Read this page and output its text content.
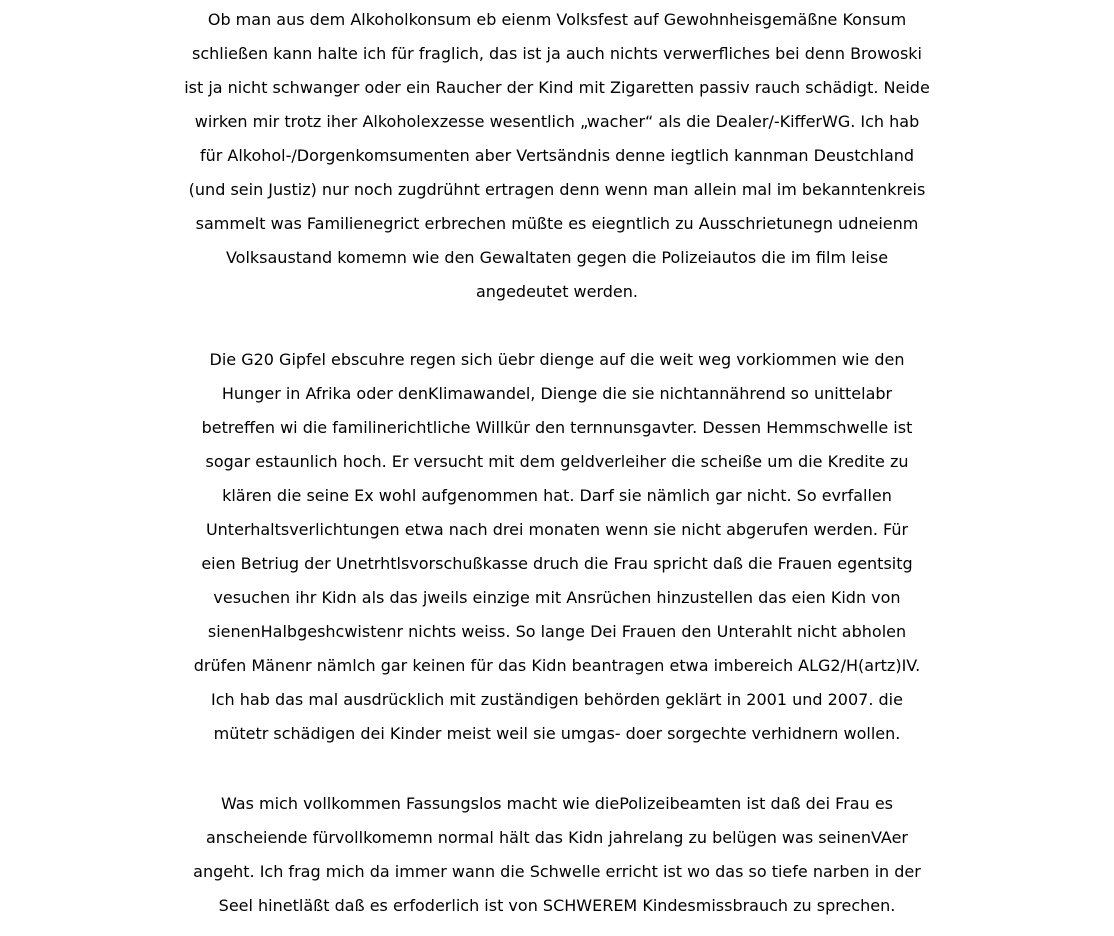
Ob man aus dem Alkoholkonsum eb eienm Volksfest auf Gewohnheisgemäßne Konsum
schließen kann halte ich für fraglich, das ist ja auch nichts verwerfliches bei denn Browoski
ist ja nicht schwanger oder ein Raucher der Kind mit Zigaretten passiv rauch schädigt. Neide
wirken mir trotz iher Alkoholexzesse wesentlich „wacher“ als die Dealer/-KifferWG. Ich hab
für Alkohol-/Dorgenkomsumenten aber Vertsändnis denne iegtlich kannman Deustchland
(und sein Justiz) nur noch zugdrühnt ertragen denn wenn man allein mal im bekanntenkreis
sammelt was Familienegrict erbrechen müßte es eiegntlich zu Ausschrietunegn udneienm
Volksaustand komemn wie den Gewaltaten gegen die Polizeiautos die im film leise
angedeutet werden.

Die G20 Gipfel ebscuhre regen sich üebr dienge auf die weit weg vorkiommen wie den
Hunger in Afrika oder denKlimawandel, Dienge die sie nichtannährend so unittelabr
betreffen wi die familinerichtliche Willkür den ternnunsgavter. Dessen Hemmschwelle ist
sogar estaunlich hoch. Er versucht mit dem geldverleiher die scheiße um die Kredite zu
klären die seine Ex wohl aufgenommen hat. Darf sie nämlich gar nicht. So evrfallen
Unterhaltsverlichtungen etwa nach drei monaten wenn sie nicht abgerufen werden. Für
eien Betriug der Unetrhtlsvorschußkasse druch die Frau spricht daß die Frauen egentsitg
vesuchen ihr Kidn als das jweils einzige mit Ansrüchen hinzustellen das eien Kidn von
sienenHalbgeshcwistenr nichts weiss. So lange Dei Frauen den Unterahlt nicht abholen
drüfen Mänenr nämlch gar keinen für das Kidn beantragen etwa imbereich ALG2/H(artz)IV.
Ich hab das mal ausdrücklich mit zuständigen behörden geklärt in 2001 und 2007. die
mütetr schädigen dei Kinder meist weil sie umgas- doer sorgechte verhidnern wollen.

Was mich vollkommen Fassungslos macht wie diePolizeibeamten ist daß dei Frau es
anscheiende fürvollkomemn normal hält das Kidn jahrelang zu belügen was seinenVAer
angeht. Ich frag mich da immer wann die Schwelle erricht ist wo das so tiefe narben in der
Seel hinetläßt daß es erfoderlich ist von SCHWEREM Kindesmissbrauch zu sprechen.
